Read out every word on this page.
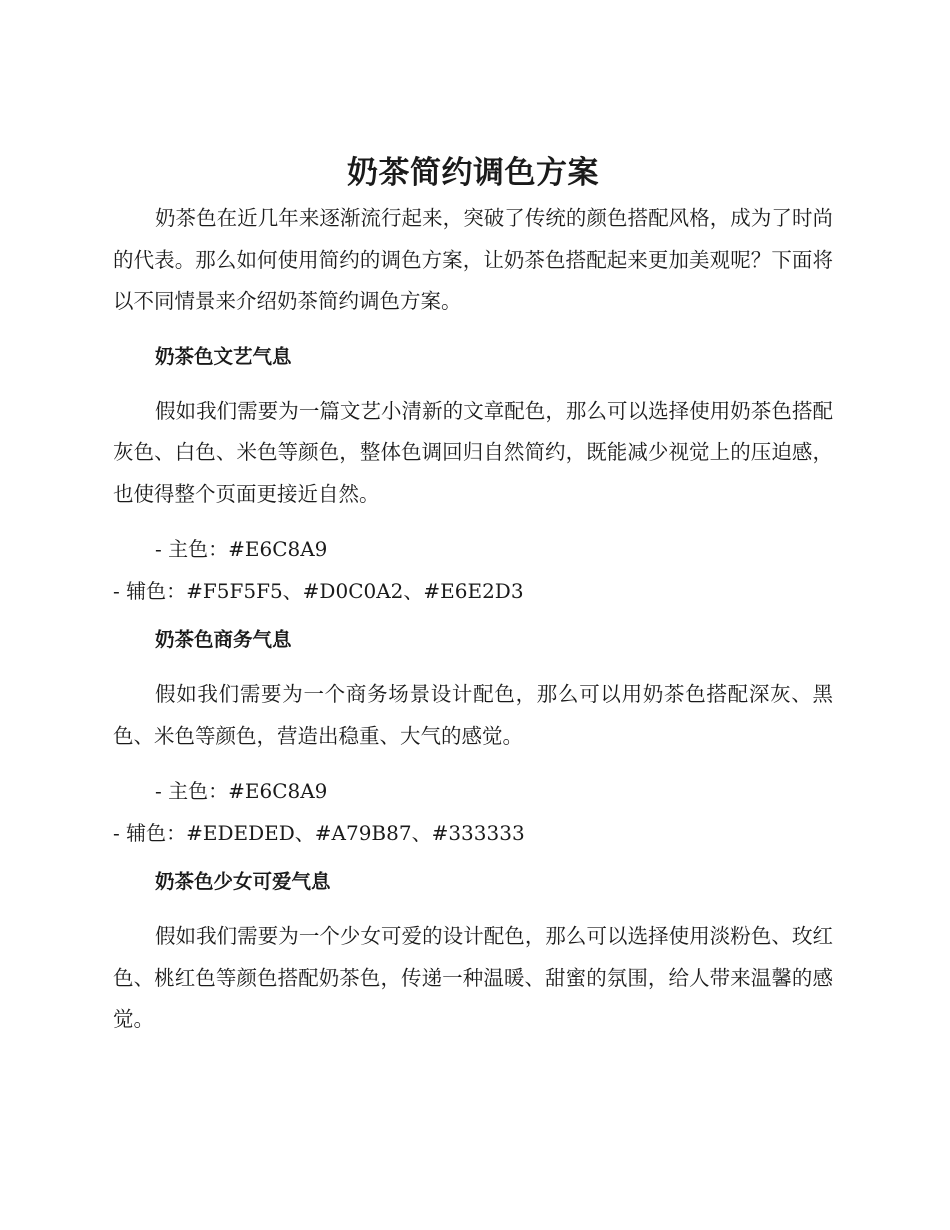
奶茶简约调色方案

奶茶色在近几年来逐渐流行起来，突破了传统的颜色搭配风格，成为了时尚的代表。那么如何使用简约的调色方案，让奶茶色搭配起来更加美观呢？下面将以不同情景来介绍奶茶简约调色方案。

奶茶色文艺气息

假如我们需要为一篇文艺小清新的文章配色，那么可以选择使用奶茶色搭配灰色、白色、米色等颜色，整体色调回归自然简约，既能减少视觉上的压迫感，也使得整个页面更接近自然。

- 主色：#E6C8A9
- 辅色：#F5F5F5、#D0C0A2、#E6E2D3
奶茶色商务气息

假如我们需要为一个商务场景设计配色，那么可以用奶茶色搭配深灰、黑色、米色等颜色，营造出稳重、大气的感觉。

- 主色：#E6C8A9
- 辅色：#EDEDED、#A79B87、#333333
奶茶色少女可爱气息

假如我们需要为一个少女可爱的设计配色，那么可以选择使用淡粉色、玫红色、桃红色等颜色搭配奶茶色，传递一种温暖、甜蜜的氛围，给人带来温馨的感觉。
